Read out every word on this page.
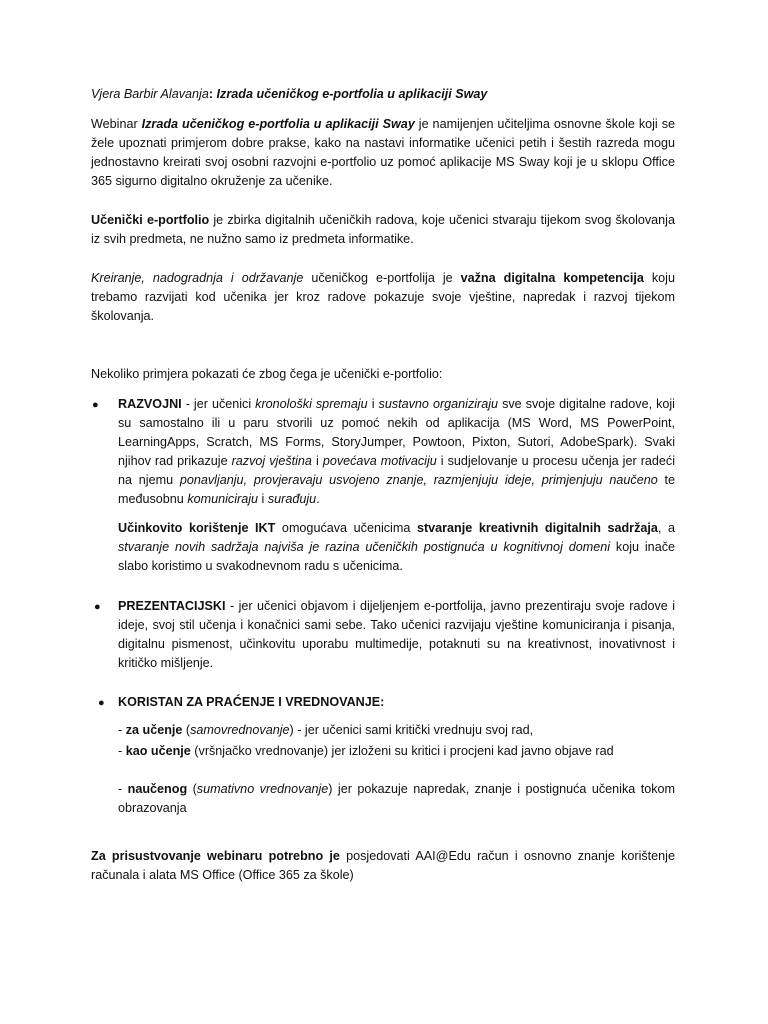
Vjera Barbir Alavanja: Izrada učeničkog e-portfolia u aplikaciji Sway

Webinar Izrada učeničkog e-portfolia u aplikaciji Sway je namijenjen učiteljima osnovne škole koji se žele upoznati primjerom dobre prakse, kako na nastavi informatike učenici petih i šestih razreda mogu jednostavno kreirati svoj osobni razvojni e-portfolio uz pomoć aplikacije MS Sway koji je u sklopu Office 365 sigurno digitalno okruženje za učenike.

Učenički e-portfolio je zbirka digitalnih učeničkih radova, koje učenici stvaraju tijekom svog školovanja iz svih predmeta, ne nužno samo iz predmeta informatike.

Kreiranje, nadogradnja i održavanje učeničkog e-portfolija je važna digitalna kompetencija koju trebamo razvijati kod učenika jer kroz radove pokazuje svoje vještine, napredak i razvoj tijekom školovanja.

Nekoliko primjera pokazati će zbog čega je učenički e-portfolio:

● RAZVOJNI - jer učenici kronološki spremaju i sustavno organiziraju sve svoje digitalne radove, koji su samostalno ili u paru stvorili uz pomoć nekih od aplikacija (MS Word, MS PowerPoint, LearningApps, Scratch, MS Forms, StoryJumper, Powtoon, Pixton, Sutori, AdobeSpark). Svaki njihov rad prikazuje razvoj vještina i povećava motivaciju i sudjelovanje u procesu učenja jer radeći na njemu ponavljanju, provjeravaju usvojeno znanje, razmjenjuju ideje, primjenjuju naučeno te međusobnu komuniciraju i surađuju.

Učinkovito korištenje IKT omogućava učenicima stvaranje kreativnih digitalnih sadržaja, a stvaranje novih sadržaja najviša je razina učeničkih postignuća u kognitivnoj domeni koju inače slabo koristimo u svakodnevnom radu s učenicima.

● PREZENTACIJSKI - jer učenici objavom i dijeljenjem e-portfolija, javno prezentiraju svoje radove i ideje, svoj stil učenja i konačnici sami sebe. Tako učenici razvijaju vještine komuniciranja i pisanja, digitalnu pismenost, učinkovitu uporabu multimedije, potaknuti su na kreativnost, inovativnost i kritičko mišljenje.

● KORISTAN ZA PRAĆENJE I VREDNOVANJE:

- za učenje (samovrednovanje) - jer učenici sami kritički vrednuju svoj rad,

- kao učenje (vršnjačko vrednovanje) jer izloženi su kritici i procjeni kad javno objave rad

- naučenog (sumativno vrednovanje) jer pokazuje napredak, znanje i postignuća učenika tokom obrazovanja

Za prisustvovanje webinaru potrebno je posjedovati AAI@Edu račun i osnovno znanje korištenje računala i alata MS Office (Office 365 za škole)
